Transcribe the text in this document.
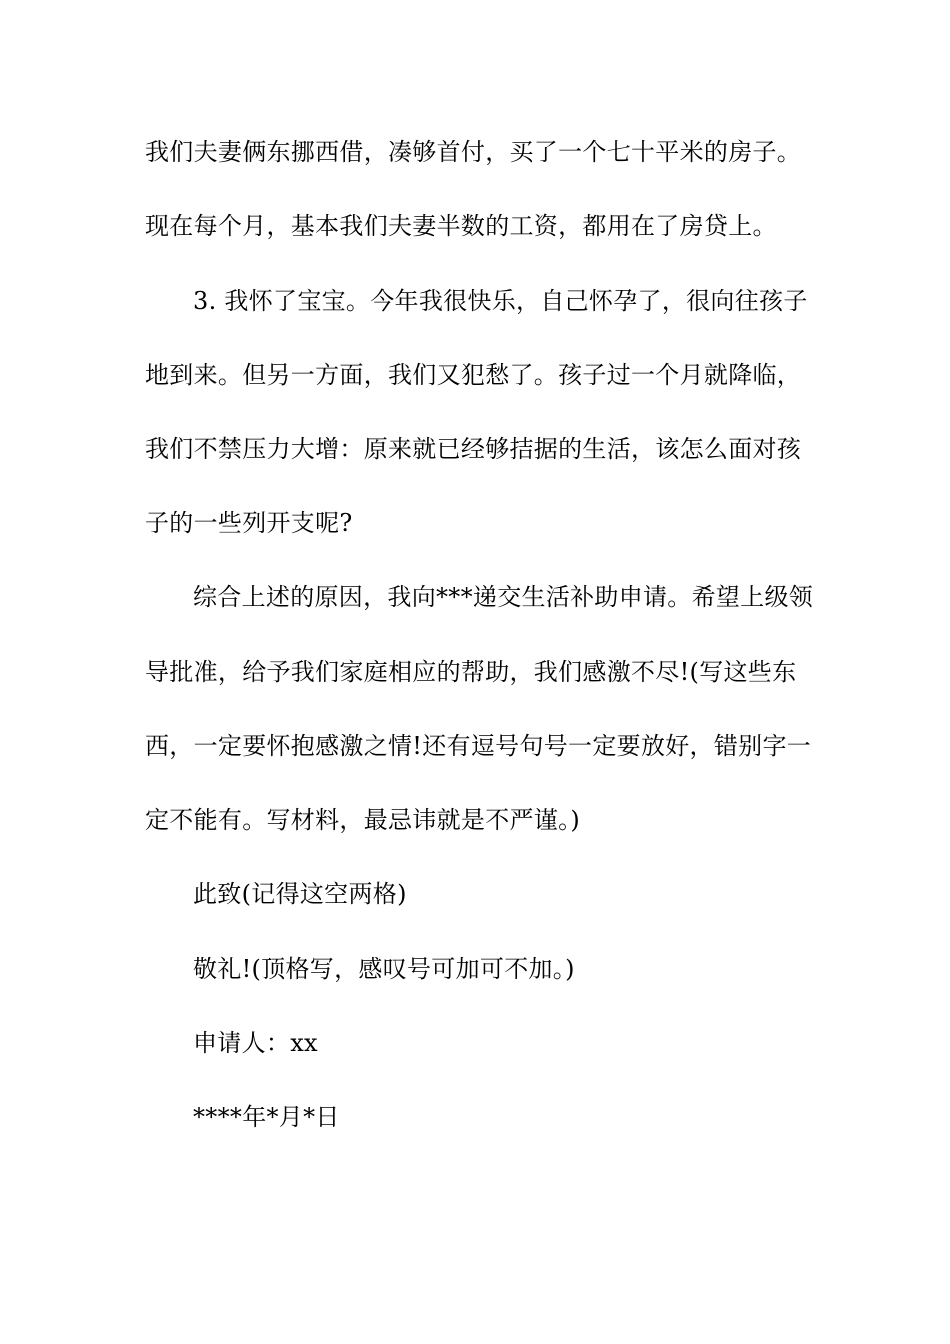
我们夫妻俩东挪西借，凑够首付，买了一个七十平米的房子。
现在每个月，基本我们夫妻半数的工资，都用在了房贷上。
3. 我怀了宝宝。今年我很快乐，自己怀孕了，很向往孩子
地到来。但另一方面，我们又犯愁了。孩子过一个月就降临，
我们不禁压力大增：原来就已经够拮据的生活，该怎么面对孩
子的一些列开支呢?
综合上述的原因，我向***递交生活补助申请。希望上级领
导批准，给予我们家庭相应的帮助，我们感激不尽!(写这些东
西，一定要怀抱感激之情!还有逗号句号一定要放好，错别字一
定不能有。写材料，最忌讳就是不严谨。)
此致(记得这空两格)
敬礼!(顶格写，感叹号可加可不加。)
申请人：xx
****年*月*日
